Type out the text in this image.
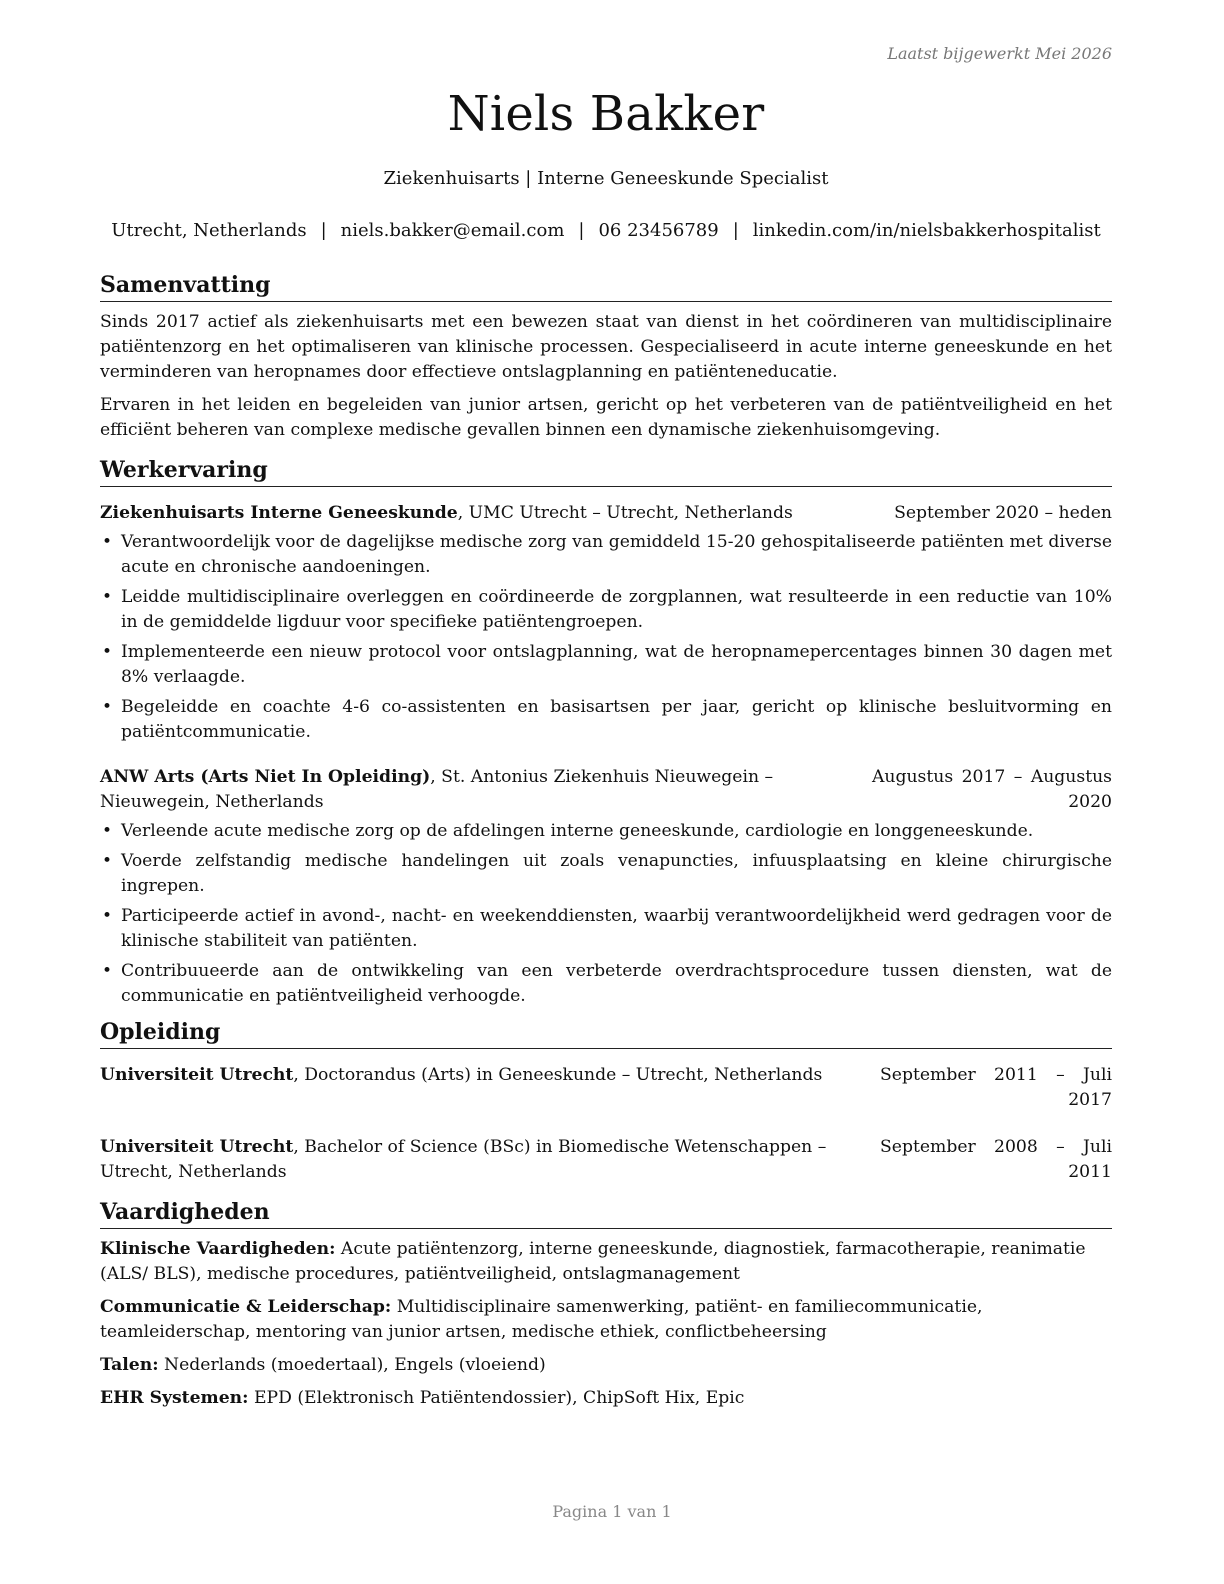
Laatst bijgewerkt Mei 2026
Niels Bakker
Ziekenhuisarts | Interne Geneeskunde Specialist
Utrecht, Netherlands | niels.bakker@email.com | 06 23456789 | linkedin.com/in/nielsbakkerhospitalist
Samenvatting

Sinds 2017 actief als ziekenhuisarts met een bewezen staat van dienst in het coördineren van multidisciplinaire patiëntenzorg en het optimaliseren van klinische processen. Gespecialiseerd in acute interne geneeskunde en het verminderen van heropnames door effectieve ontslagplanning en patiënteneducatie.

Ervaren in het leiden en begeleiden van junior artsen, gericht op het verbeteren van de patiëntveiligheid en het efficiënt beheren van complexe medische gevallen binnen een dynamische ziekenhuisomgeving.

Werkervaring
Ziekenhuisarts Interne Geneeskunde, UMC Utrecht – Utrecht, Netherlands	September 2020 – heden
• Verantwoordelijk voor de dagelijkse medische zorg van gemiddeld 15-20 gehospitaliseerde patiënten met diverse acute en chronische aandoeningen.
• Leidde multidisciplinaire overleggen en coördineerde de zorgplannen, wat resulteerde in een reductie van 10% in de gemiddelde ligduur voor specifieke patiëntengroepen.
• Implementeerde een nieuw protocol voor ontslagplanning, wat de heropnamepercentages binnen 30 dagen met 8% verlaagde.
• Begeleidde en coachte 4-6 co-assistenten en basisartsen per jaar, gericht op klinische besluitvorming en patiëntcommunicatie.
ANW Arts (Arts Niet In Opleiding), St. Antonius Ziekenhuis Nieuwegein – Nieuwegein, Netherlands
Augustus 2017 – Augustus 2020
• Verleende acute medische zorg op de afdelingen interne geneeskunde, cardiologie en longgeneeskunde.
• Voerde zelfstandig medische handelingen uit zoals venapuncties, infuusplaatsing en kleine chirurgische ingrepen.
• Participeerde actief in avond-, nacht- en weekenddiensten, waarbij verantwoordelijkheid werd gedragen voor de klinische stabiliteit van patiënten.
• Contribuueerde aan de ontwikkeling van een verbeterde overdrachtsprocedure tussen diensten, wat de communicatie en patiëntveiligheid verhoogde.
Opleiding
Universiteit Utrecht, Doctorandus (Arts) in Geneeskunde – Utrecht, Netherlands	September 2011 – Juli 2017
Universiteit Utrecht, Bachelor of Science (BSc) in Biomedische Wetenschappen – Utrecht, Netherlands
September 2008 – Juli 2011
Vaardigheden
Klinische Vaardigheden: Acute patiëntenzorg, interne geneeskunde, diagnostiek, farmacotherapie, reanimatie (ALS/ BLS), medische procedures, patiëntveiligheid, ontslagmanagement
Communicatie & Leiderschap: Multidisciplinaire samenwerking, patiënt- en familiecommunicatie, teamleiderschap, mentoring van junior artsen, medische ethiek, conflictbeheersing
Talen: Nederlands (moedertaal), Engels (vloeiend)
EHR Systemen: EPD (Elektronisch Patiëntendossier), ChipSoft Hix, Epic
Pagina 1 van 1
